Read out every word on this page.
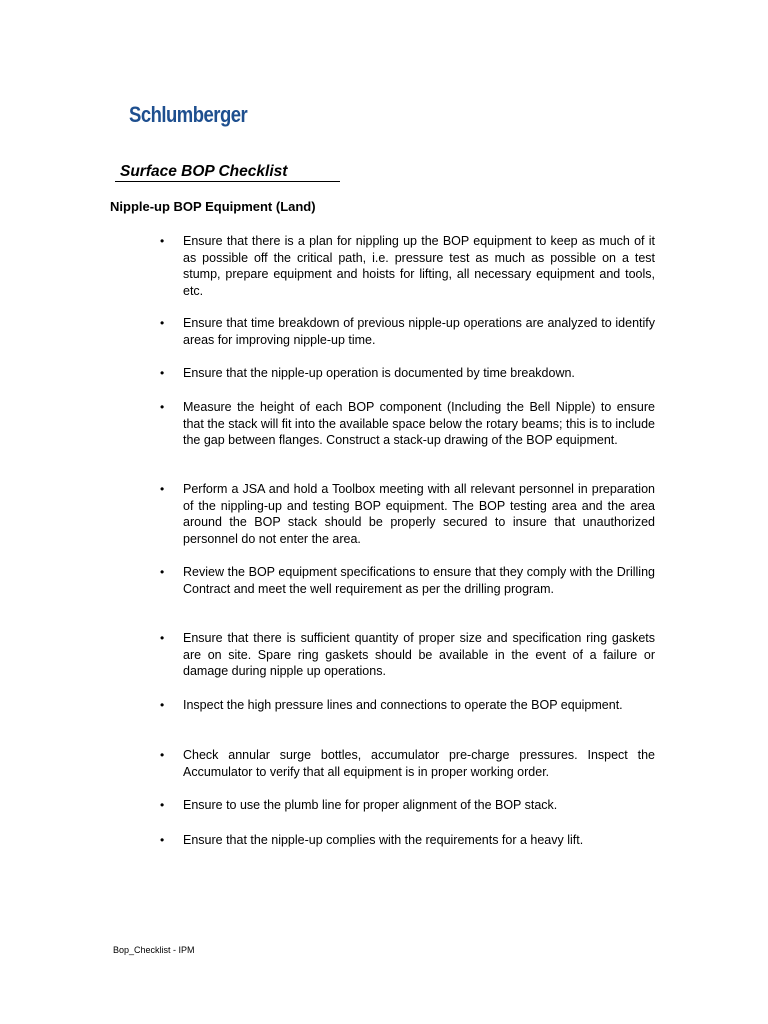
Schlumberger
Surface BOP Checklist
Nipple-up BOP Equipment (Land)
•	Ensure that there is a plan for nippling up the BOP equipment to keep as much of it as possible off the critical path, i.e. pressure test as much as possible on a test stump, prepare equipment and hoists for lifting, all necessary equipment and tools, etc.
•	Ensure that time breakdown of previous nipple-up operations are analyzed to identify areas for improving nipple-up time.
•	Ensure that the nipple-up operation is documented by time breakdown.
•	Measure the height of each BOP component (Including the Bell Nipple) to ensure that the stack will fit into the available space below the rotary beams; this is to include the gap between flanges. Construct a stack-up drawing of the BOP equipment.
•	Perform a JSA and hold a Toolbox meeting with all relevant personnel in preparation of the nippling-up and testing BOP equipment. The BOP testing area and the area around the BOP stack should be properly secured to insure that unauthorized personnel do not enter the area.
•	Review the BOP equipment specifications to ensure that they comply with the Drilling Contract and meet the well requirement as per the drilling program.
•	Ensure that there is sufficient quantity of proper size and specification ring gaskets are on site. Spare ring gaskets should be available in the event of a failure or damage during nipple up operations.
•	Inspect the high pressure lines and connections to operate the BOP equipment.
•	Check annular surge bottles, accumulator pre-charge pressures. Inspect the Accumulator to verify that all equipment is in proper working order.
•	Ensure to use the plumb line for proper alignment of the BOP stack.
•	Ensure that the nipple-up complies with the requirements for a heavy lift.
Bop_Checklist - IPM
